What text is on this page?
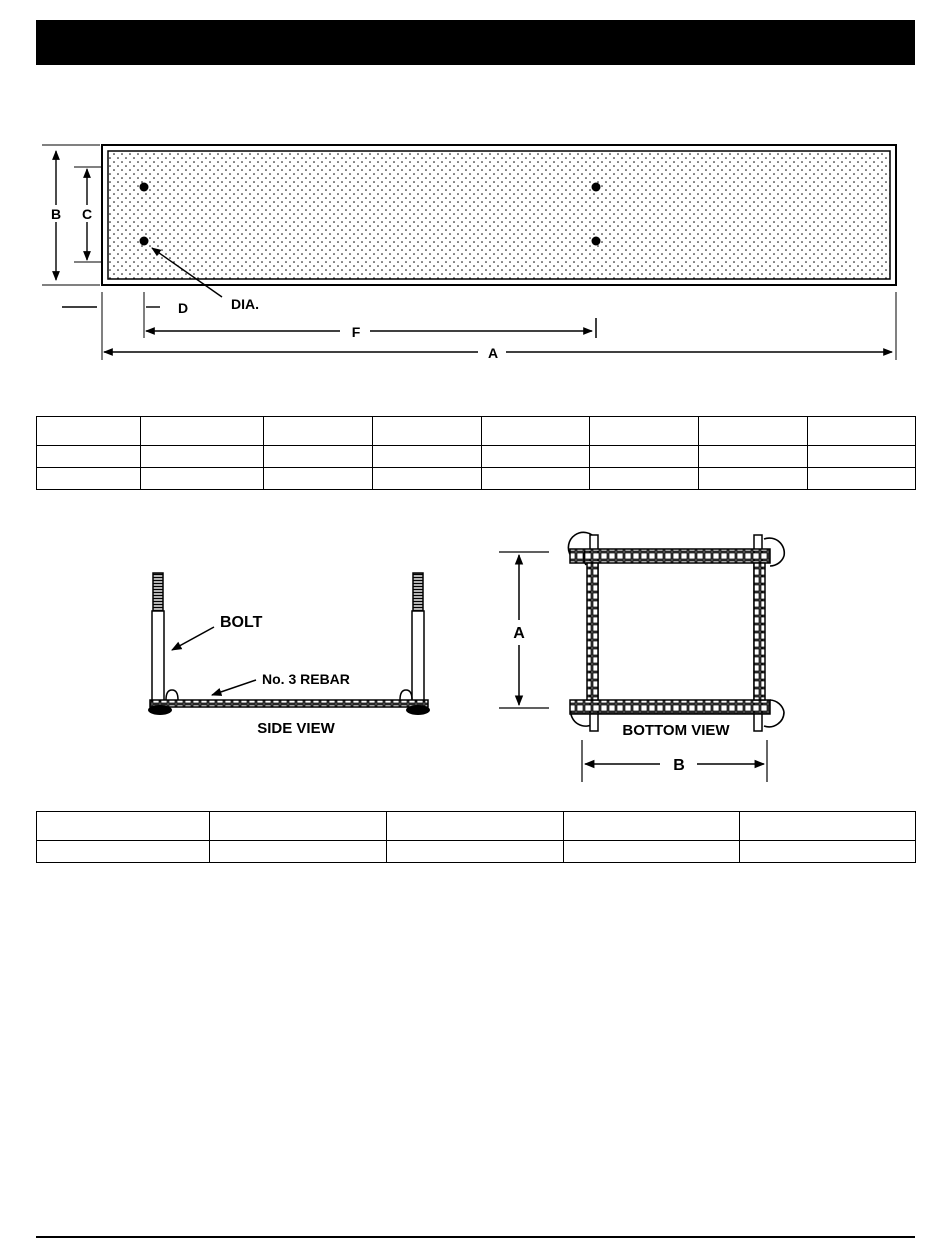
B C
D	DIA.
F
A
BOLT
No. 3 REBAR
SIDE VIEW
A
B
BOTTOM VIEW
